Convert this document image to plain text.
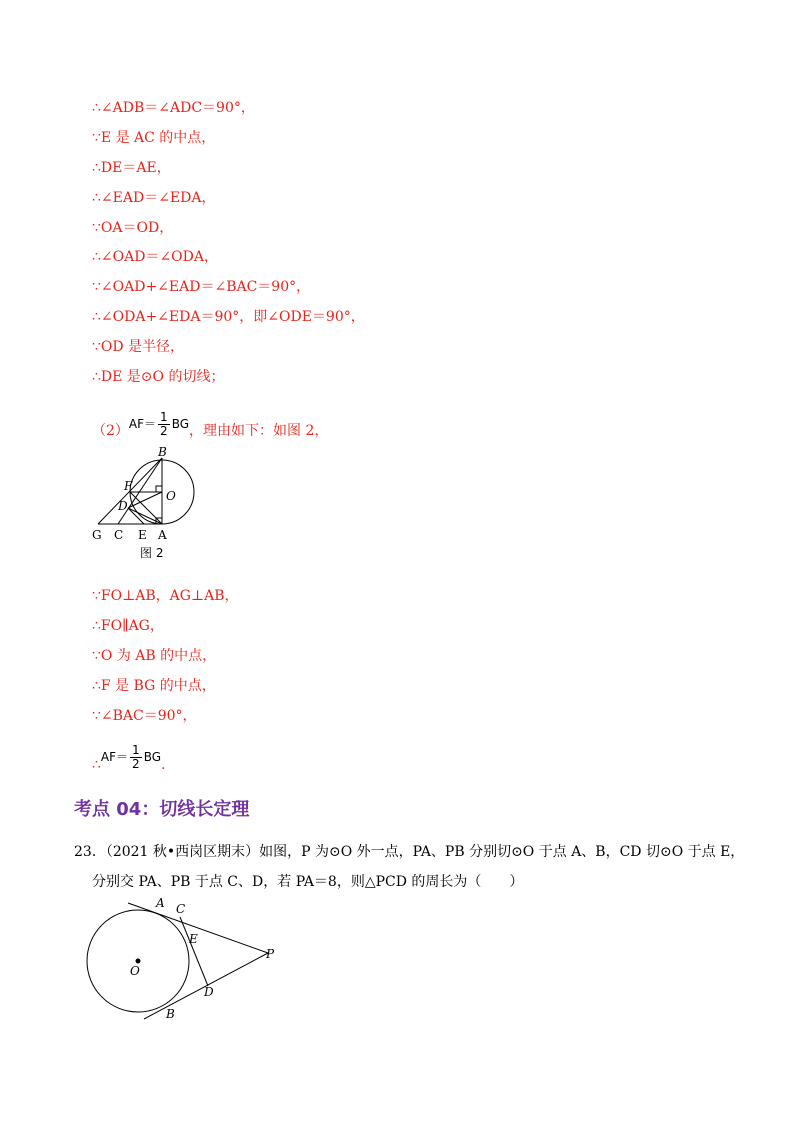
∴∠ADB＝∠ADC＝90°，
∵E 是 AC 的中点，
∴DE＝AE，
∴∠EAD＝∠EDA，
∵OA＝OD，
∴∠OAD＝∠ODA，
∵∠OAD+∠EAD＝∠BAC＝90°，
∴∠ODA+∠EDA＝90°，即∠ODE＝90°，
∵OD 是半径，
∴DE 是⊙O 的切线；
（2） $AF= \frac{1}{2}$ BG ，理由如下：如图 2，
B
F
O
D
G C E A
图 2
∵FO⊥AB，AG⊥AB，
∴FO∥AG，
∵O 为 AB 的中点，
∴F 是 BG 的中点，
∵∠BAC＝90°，
∴ $AF= \frac{1}{2}$ BG .
考点 04：切线长定理
23．（2021 秋•西岗区期末）如图，P 为⊙O 外一点，PA、PB 分别切⊙O 于点 A、B，CD 切⊙O 于点 E，
分别交 PA、PB 于点 C、D，若 PA＝8，则△PCD 的周长为（　　）
A C
E
O
P
D
B
